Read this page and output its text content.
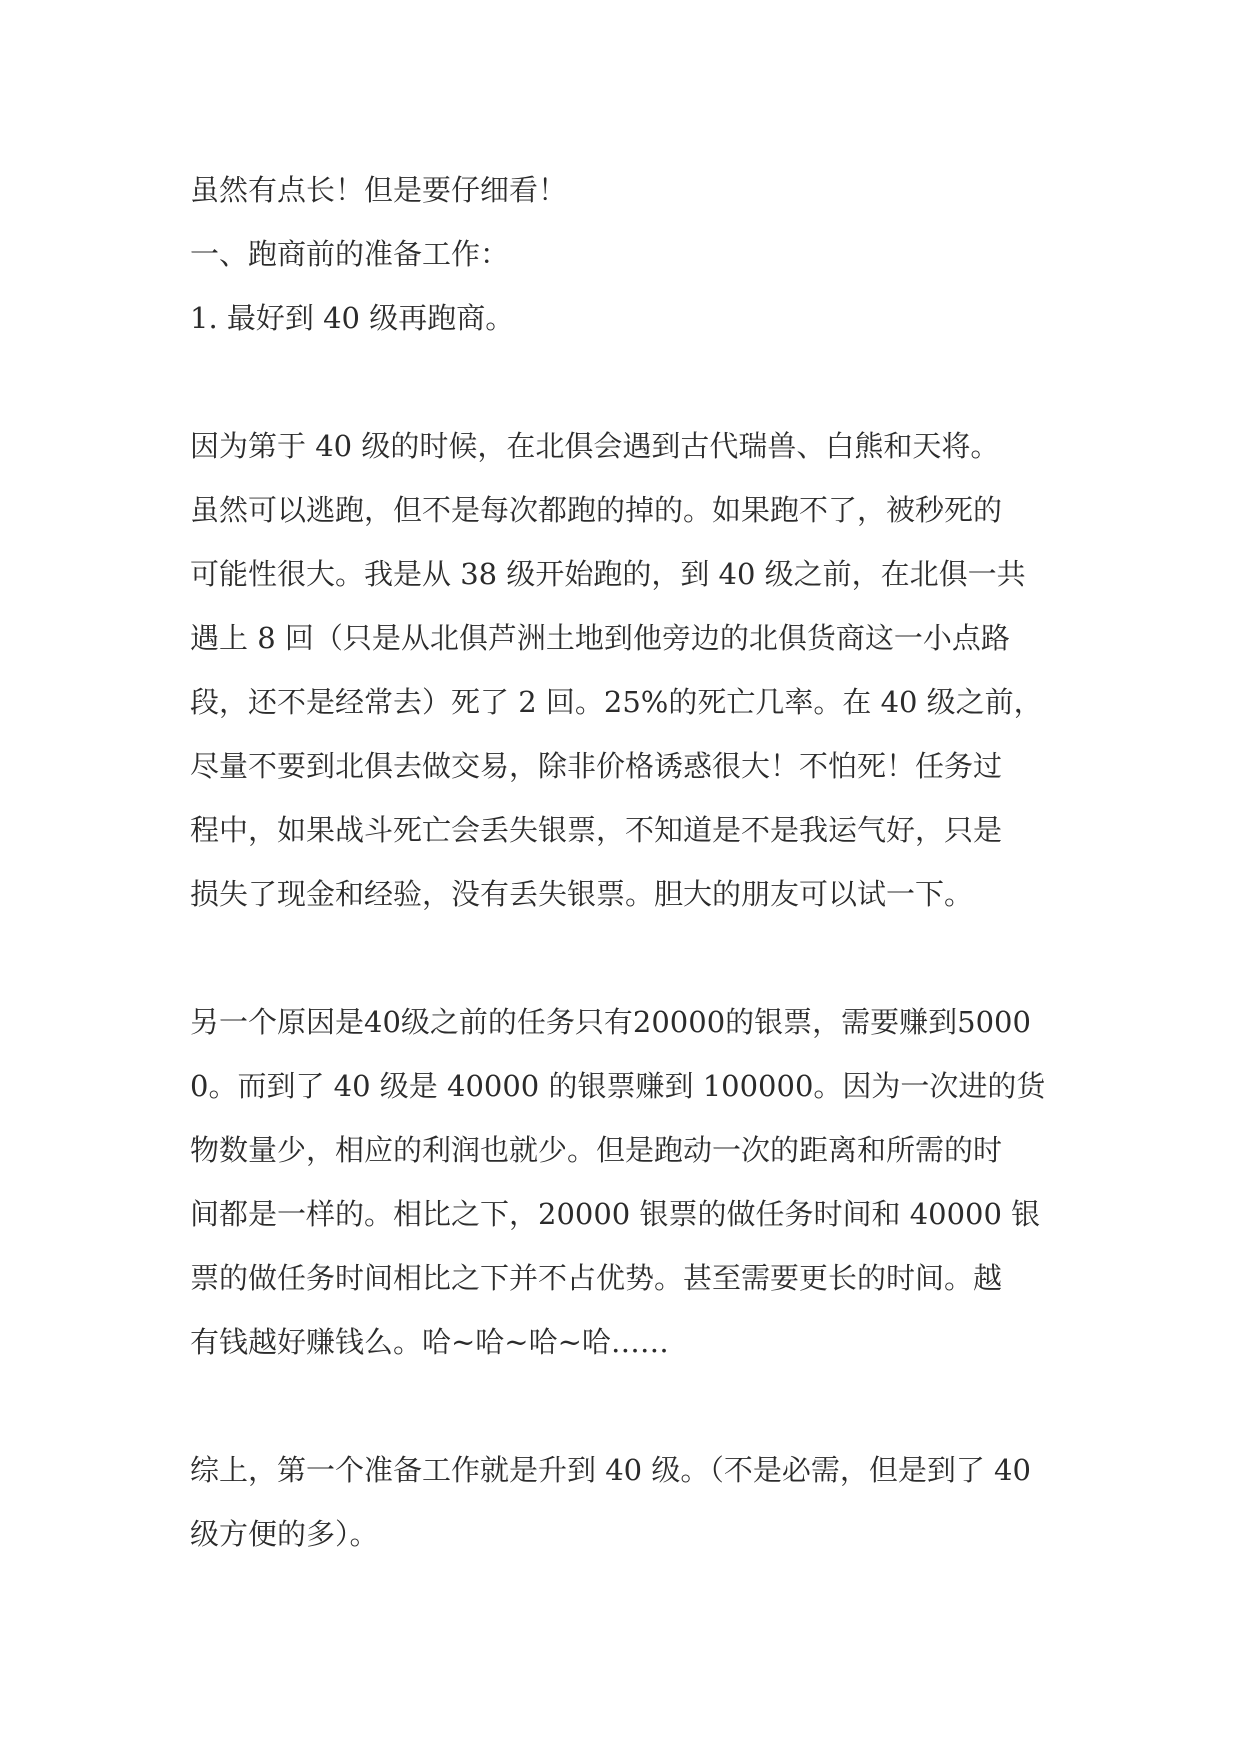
虽然有点长！但是要仔细看！
一、跑商前的准备工作：
1. 最好到 40 级再跑商。
因为第于 40 级的时候，在北俱会遇到古代瑞兽、白熊和天将。
虽然可以逃跑，但不是每次都跑的掉的。如果跑不了，被秒死的
可能性很大。我是从 38 级开始跑的，到 40 级之前，在北俱一共
遇上 8 回（只是从北俱芦洲土地到他旁边的北俱货商这一小点路
段，还不是经常去）死了 2 回。25%的死亡几率。在 40 级之前，
尽量不要到北俱去做交易，除非价格诱惑很大！不怕死！任务过
程中，如果战斗死亡会丢失银票，不知道是不是我运气好，只是
损失了现金和经验，没有丢失银票。胆大的朋友可以试一下。
另一个原因是40级之前的任务只有20000的银票，需要赚到5000
0。而到了 40 级是 40000 的银票赚到 100000。因为一次进的货
物数量少，相应的利润也就少。但是跑动一次的距离和所需的时
间都是一样的。相比之下，20000 银票的做任务时间和 40000 银
票的做任务时间相比之下并不占优势。甚至需要更长的时间。越
有钱越好赚钱么。哈~哈~哈~哈……
综上，第一个准备工作就是升到 40 级。（不是必需，但是到了 40
级方便的多）。
